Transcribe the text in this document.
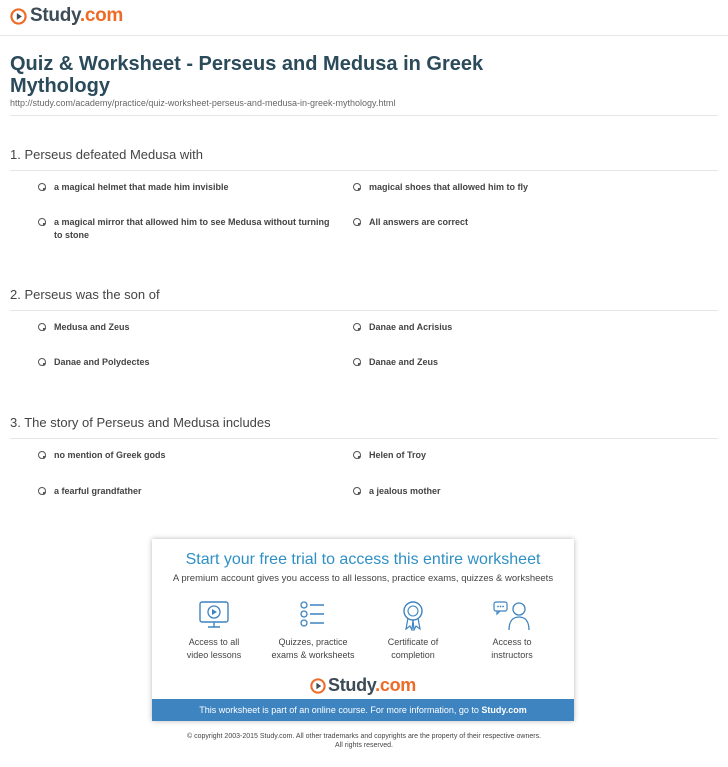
Study.com
Quiz & Worksheet - Perseus and Medusa in Greek Mythology
http://study.com/academy/practice/quiz-worksheet-perseus-and-medusa-in-greek-mythology.html
1. Perseus defeated Medusa with
a magical helmet that made him invisible	magical shoes that allowed him to fly
a magical mirror that allowed him to see Medusa without turning to stone
All answers are correct
2. Perseus was the son of
Medusa and Zeus	Danae and Acrisius
Danae and Polydectes	Danae and Zeus
3. The story of Perseus and Medusa includes
no mention of Greek gods	Helen of Troy
a fearful grandfather	a jealous mother
Start your free trial to access this entire worksheet
A premium account gives you access to all lessons, practice exams, quizzes & worksheets
Access to all
video lessons
Quizzes, practice
exams & worksheets
Certificate of
completion
Access to
instructors
Study.com
This worksheet is part of an online course. For more information, go to Study.com
© copyright 2003-2015 Study.com. All other trademarks and copyrights are the property of their respective owners.
All rights reserved.
